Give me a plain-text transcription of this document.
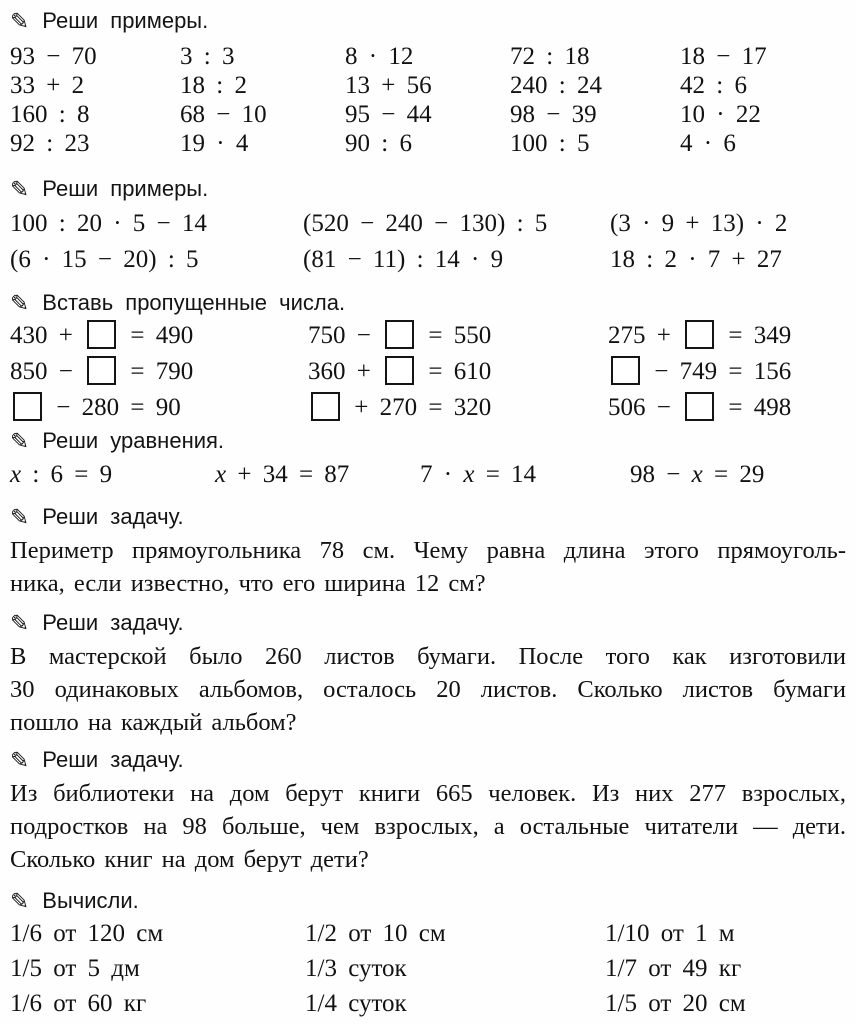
✎ Реши примеры.
93 − 70	3 : 3	8 · 12	72 : 18	18 − 17
33 + 2	18 : 2	13 + 56	240 : 24	42 : 6
160 : 8	68 − 10	95 − 44	98 − 39	10 · 22
92 : 23	19 · 4	90 : 6	100 : 5	4 · 6
✎ Реши примеры.
100 : 20 · 5 − 14	(520 − 240 − 130) : 5	(3 · 9 + 13) · 2
(6 · 15 − 20) : 5	(81 − 11) : 14 · 9	18 : 2 · 7 + 27
✎ Вставь пропущенные числа.
430 +  = 490	750 −  = 550	275 +  = 349
850 −  = 790	360 +  = 610	− 749 = 156
− 280 = 90	+ 270 = 320	506 −  = 498
✎ Реши уравнения.
x : 6 = 9	x + 34 = 87	7 · x = 14	98 − x = 29
✎ Реши задачу.
Периметр прямоугольника 78 см. Чему равна длина этого прямоуголь-
ника, если известно, что его ширина 12 см?
✎ Реши задачу.
В мастерской было 260 листов бумаги. После того как изготовили
30 одинаковых альбомов, осталось 20 листов. Сколько листов бумаги
пошло на каждый альбом?
✎ Реши задачу.
Из библиотеки на дом берут книги 665 человек. Из них 277 взрослых,
подростков на 98 больше, чем взрослых, а остальные читатели — дети.
Сколько книг на дом берут дети?
✎ Вычисли.
1/6 от 120 см	1/2 от 10 см	1/10 от 1 м
1/5 от 5 дм	1/3 суток	1/7 от 49 кг
1/6 от 60 кг	1/4 суток	1/5 от 20 см
